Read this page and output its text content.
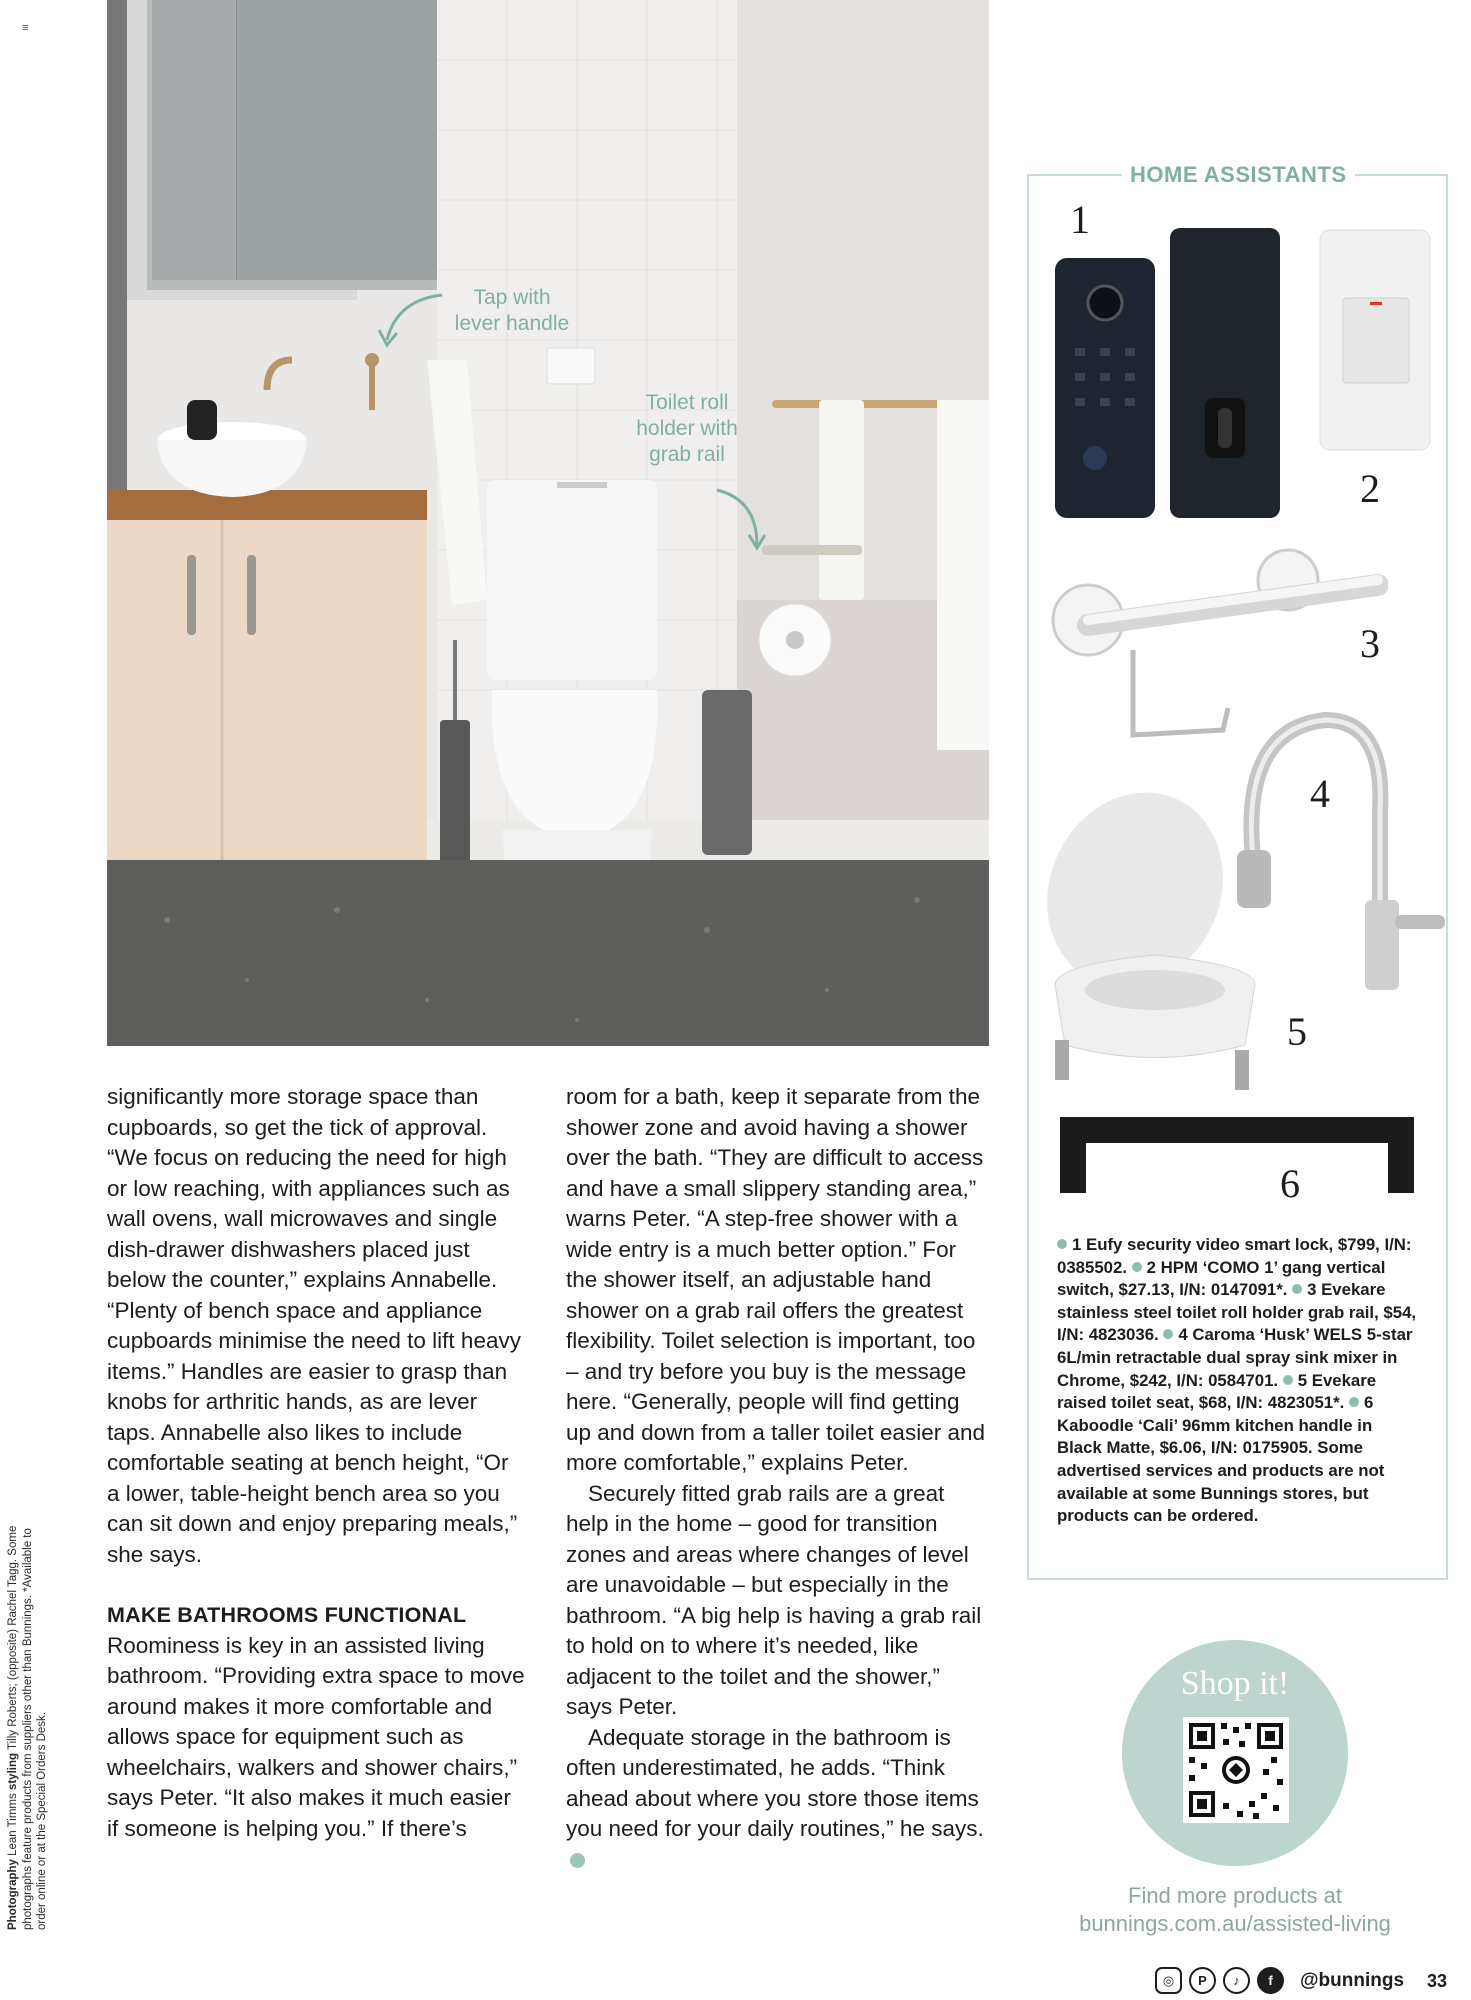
≡
Tap with
lever handle
Toilet roll
holder with
grab rail
Photography Lean Timms styling Tilly Roberts; (opposite) Rachel Tagg. Some photographs feature products from suppliers other than Bunnings. *Available to order online or at the Special Orders Desk.

significantly more storage space than cupboards, so get the tick of approval. “We focus on reducing the need for high or low reaching, with appliances such as wall ovens, wall microwaves and single dish-drawer dishwashers placed just below the counter,” explains Annabelle. “Plenty of bench space and appliance cupboards minimise the need to lift heavy items.” Handles are easier to grasp than knobs for arthritic hands, as are lever taps. Annabelle also likes to include comfortable seating at bench height, “Or a lower, table-height bench area so you can sit down and enjoy preparing meals,” she says.

MAKE BATHROOMS FUNCTIONAL

Roominess is key in an assisted living bathroom. “Providing extra space to move around makes it more comfortable and allows space for equipment such as wheelchairs, walkers and shower chairs,” says Peter. “It also makes it much easier if someone is helping you.” If there’s

room for a bath, keep it separate from the shower zone and avoid having a shower over the bath. “They are difficult to access and have a small slippery standing area,” warns Peter. “A step-free shower with a wide entry is a much better option.” For the shower itself, an adjustable hand shower on a grab rail offers the greatest flexibility. Toilet selection is important, too – and try before you buy is the message here. “Generally, people will find getting up and down from a taller toilet easier and more comfortable,” explains Peter.

Securely fitted grab rails are a great help in the home – good for transition zones and areas where changes of level are unavoidable – but especially in the bathroom. “A big help is having a grab rail to hold on to where it’s needed, like adjacent to the toilet and the shower,” says Peter.

Adequate storage in the bathroom is often underestimated, he adds. “Think ahead about where you store those items you need for your daily routines,” he says.

HOME ASSISTANTS
1
2
3
4
5
6
1 Eufy security video smart lock, $799, I/N: 0385502. 2 HPM ‘COMO 1’ gang vertical switch, $27.13, I/N: 0147091*. 3 Evekare stainless steel toilet roll holder grab rail, $54, I/N: 4823036. 4 Caroma ‘Husk’ WELS 5-star 6L/min retractable dual spray sink mixer in Chrome, $242, I/N: 0584701. 5 Evekare raised toilet seat, $68, I/N: 4823051*. 6 Kaboodle ‘Cali’ 96mm kitchen handle in Black Matte, $6.06, I/N: 0175905. Some advertised services and products are not available at some Bunnings stores, but products can be ordered.
Shop it!
Find more products at
bunnings.com.au/assisted-living
◎	P	♪	f	@bunnings 33
